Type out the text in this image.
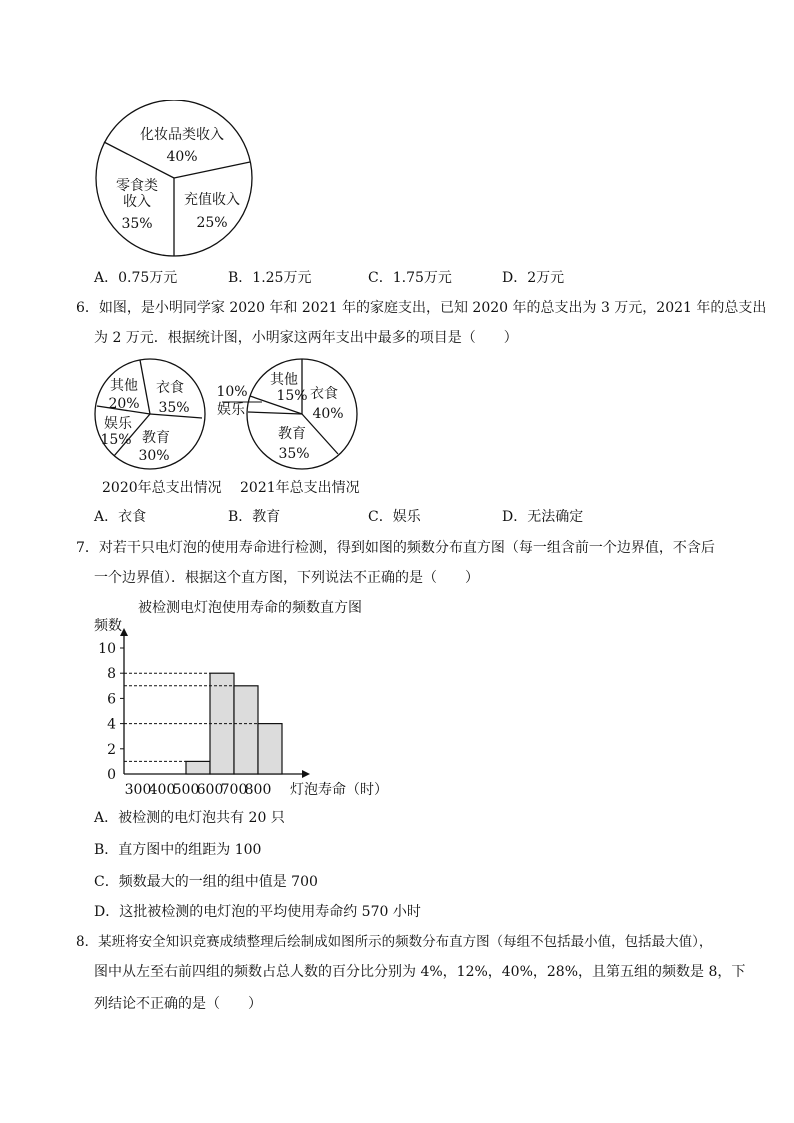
化妆品类收入
40%
零食类
收入
35%
充值收入
25%
A．0.75万元	B．1.25万元	C．1.75万元	D．2万元
6．如图，是小明同学家 2020 年和 2021 年的家庭支出，已知 2020 年的总支出为 3 万元，2021 年的总支出
为 2 万元．根据统计图，小明家这两年支出中最多的项目是（　　）
其他
20%
衣食
35%
娱乐
15% 教育
30%
10%
娱乐
其他
15% 衣食
40%
教育
35%
2020年总支出情况 2021年总支出情况
A．衣食	B．教育	C．娱乐	D．无法确定
7．对若干只电灯泡的使用寿命进行检测，得到如图的频数分布直方图（每一组含前一个边界值，不含后
一个边界值）．根据这个直方图，下列说法不正确的是（　　）
被检测电灯泡使用寿命的频数直方图
频数
灯泡寿命（时）
0
2
4
6
8
10
300
400
500
600
700
800
A．被检测的电灯泡共有 20 只
B．直方图中的组距为 100
C．频数最大的一组的组中值是 700
D．这批被检测的电灯泡的平均使用寿命约 570 小时
8．某班将安全知识竞赛成绩整理后绘制成如图所示的频数分布直方图（每组不包括最小值，包括最大值），
图中从左至右前四组的频数占总人数的百分比分别为 4%，12%，40%，28%，且第五组的频数是 8，下
列结论不正确的是（　　）
